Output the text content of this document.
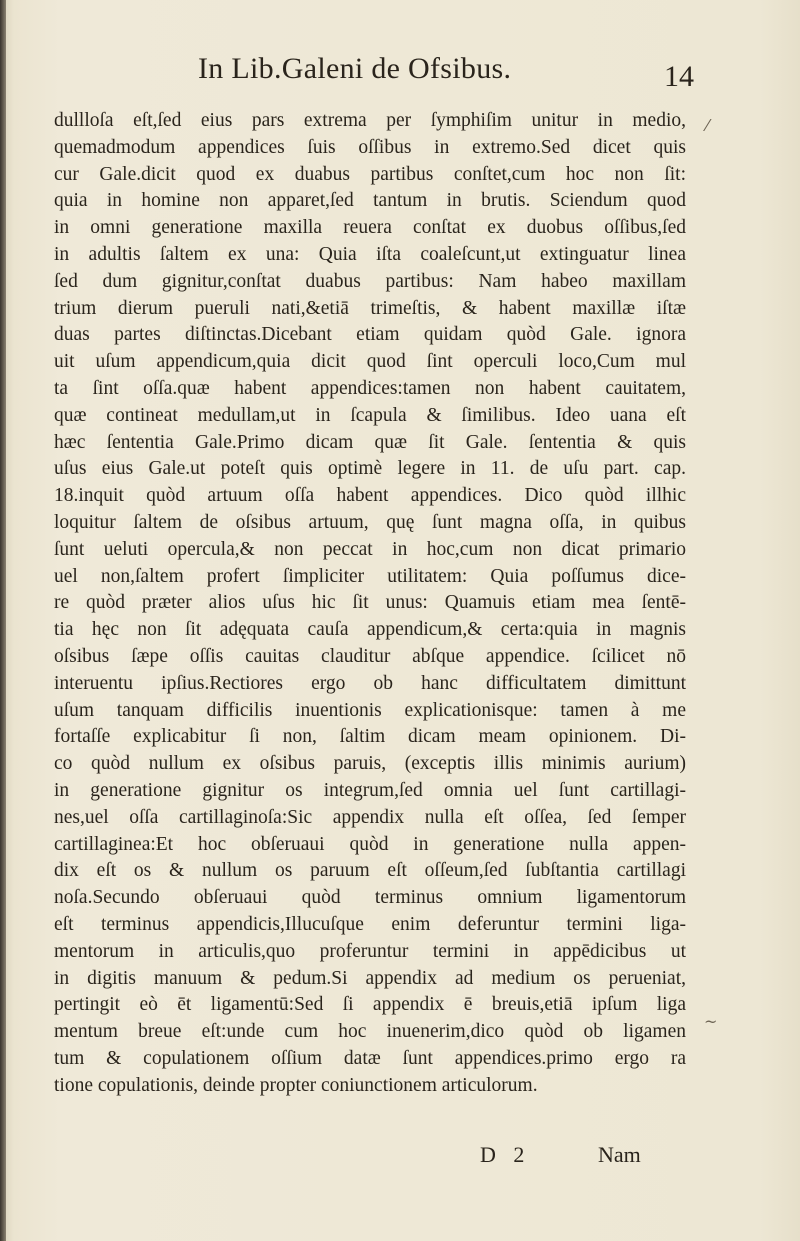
In Lib.Galeni de Ofsibus.	14
⁄
~
dullloſa eſt,ſed eius pars extrema per ſymphiſim unitur in medio,
quemadmodum appendices ſuis oſſibus in extremo.Sed dicet quis
cur Gale.dicit quod ex duabus partibus conſtet,cum hoc non ſit:
quia in homine non apparet,ſed tantum in brutis. Sciendum quod
in omni generatione maxilla reuera conſtat ex duobus oſſibus,ſed
in adultis ſaltem ex una: Quia iſta coaleſcunt,ut extinguatur linea
ſed dum gignitur,conſtat duabus partibus: Nam habeo maxillam
trium dierum pueruli nati,&etiā trimeſtis, & habent maxillæ iſtæ
duas partes diſtinctas.Dicebant etiam quidam quòd Gale. ignora
uit uſum appendicum,quia dicit quod ſint operculi loco,Cum mul
ta ſint oſſa.quæ habent appendices:tamen non habent cauitatem,
quæ contineat medullam,ut in ſcapula & ſimilibus. Ideo uana eſt
hæc ſententia Gale.Primo dicam quæ ſit Gale. ſententia & quis
uſus eius Gale.ut poteſt quis optimè legere in 11. de uſu part. cap.
18.inquit quòd artuum oſſa habent appendices. Dico quòd illhic
loquitur ſaltem de oſsibus artuum, quę ſunt magna oſſa, in quibus
ſunt ueluti opercula,& non peccat in hoc,cum non dicat primario
uel non,ſaltem profert ſimpliciter utilitatem: Quia poſſumus dice-
re quòd præter alios uſus hic ſit unus: Quamuis etiam mea ſentē-
tia hęc non ſit adęquata cauſa appendicum,& certa:quia in magnis
oſsibus ſæpe oſſis cauitas clauditur abſque appendice. ſcilicet nō
interuentu ipſius.Rectiores ergo ob hanc difficultatem dimittunt
uſum tanquam difficilis inuentionis explicationisque: tamen à me
fortaſſe explicabitur ſi non, ſaltim dicam meam opinionem. Di-
co quòd nullum ex oſsibus paruis, (exceptis illis minimis aurium)
in generatione gignitur os integrum,ſed omnia uel ſunt cartillagi-
nes,uel oſſa cartillaginoſa:Sic appendix nulla eſt oſſea, ſed ſemper
cartillaginea:Et hoc obſeruaui quòd in generatione nulla appen-
dix eſt os & nullum os paruum eſt oſſeum,ſed ſubſtantia cartillagi
noſa.Secundo obſeruaui quòd terminus omnium ligamentorum
eſt terminus appendicis,Illucuſque enim deferuntur termini liga-
mentorum in articulis,quo proferuntur termini in appēdicibus ut
in digitis manuum & pedum.Si appendix ad medium os perueniat,
pertingit eò ēt ligamentū:Sed ſi appendix ē breuis,etiā ipſum liga
mentum breue eſt:unde cum hoc inuenerim,dico quòd ob ligamen
tum & copulationem oſſium datæ ſunt appendices.primo ergo ra
tione copulationis, deinde propter coniunctionem articulorum.
D 2	Nam
